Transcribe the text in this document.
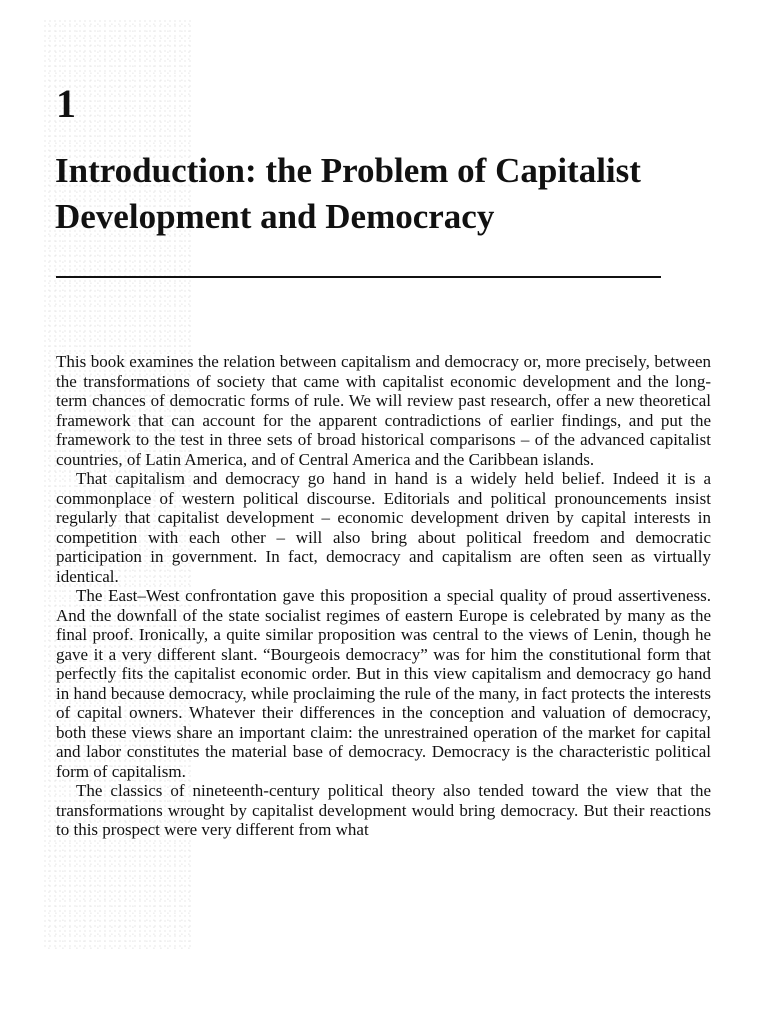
1
Introduction: the Problem of Capitalist Development and Democracy

This book examines the relation between capitalism and democracy or, more precisely, between the transformations of society that came with capitalist economic development and the long-term chances of democratic forms of rule. We will review past research, offer a new theoretical framework that can account for the apparent contradictions of earlier findings, and put the framework to the test in three sets of broad historical comparisons – of the advanced capitalist countries, of Latin America, and of Central America and the Caribbean islands.

That capitalism and democracy go hand in hand is a widely held belief. Indeed it is a commonplace of western political discourse. Editorials and political pronouncements insist regularly that capitalist development – economic development driven by capital interests in competition with each other – will also bring about political freedom and democratic participation in government. In fact, democracy and capitalism are often seen as virtually identical.

The East–West confrontation gave this proposition a special quality of proud assertiveness. And the downfall of the state socialist regimes of eastern Europe is celebrated by many as the final proof. Ironically, a quite similar proposition was central to the views of Lenin, though he gave it a very different slant. “Bourgeois democracy” was for him the constitutional form that perfectly fits the capitalist economic order. But in this view capitalism and democracy go hand in hand because democracy, while proclaiming the rule of the many, in fact protects the interests of capital owners. Whatever their differences in the conception and valuation of democracy, both these views share an important claim: the unrestrained operation of the market for capital and labor constitutes the material base of democracy. Democracy is the characteristic political form of capitalism.

The classics of nineteenth-century political theory also tended toward the view that the transformations wrought by capitalist development would bring democracy. But their reactions to this prospect were very different from what
